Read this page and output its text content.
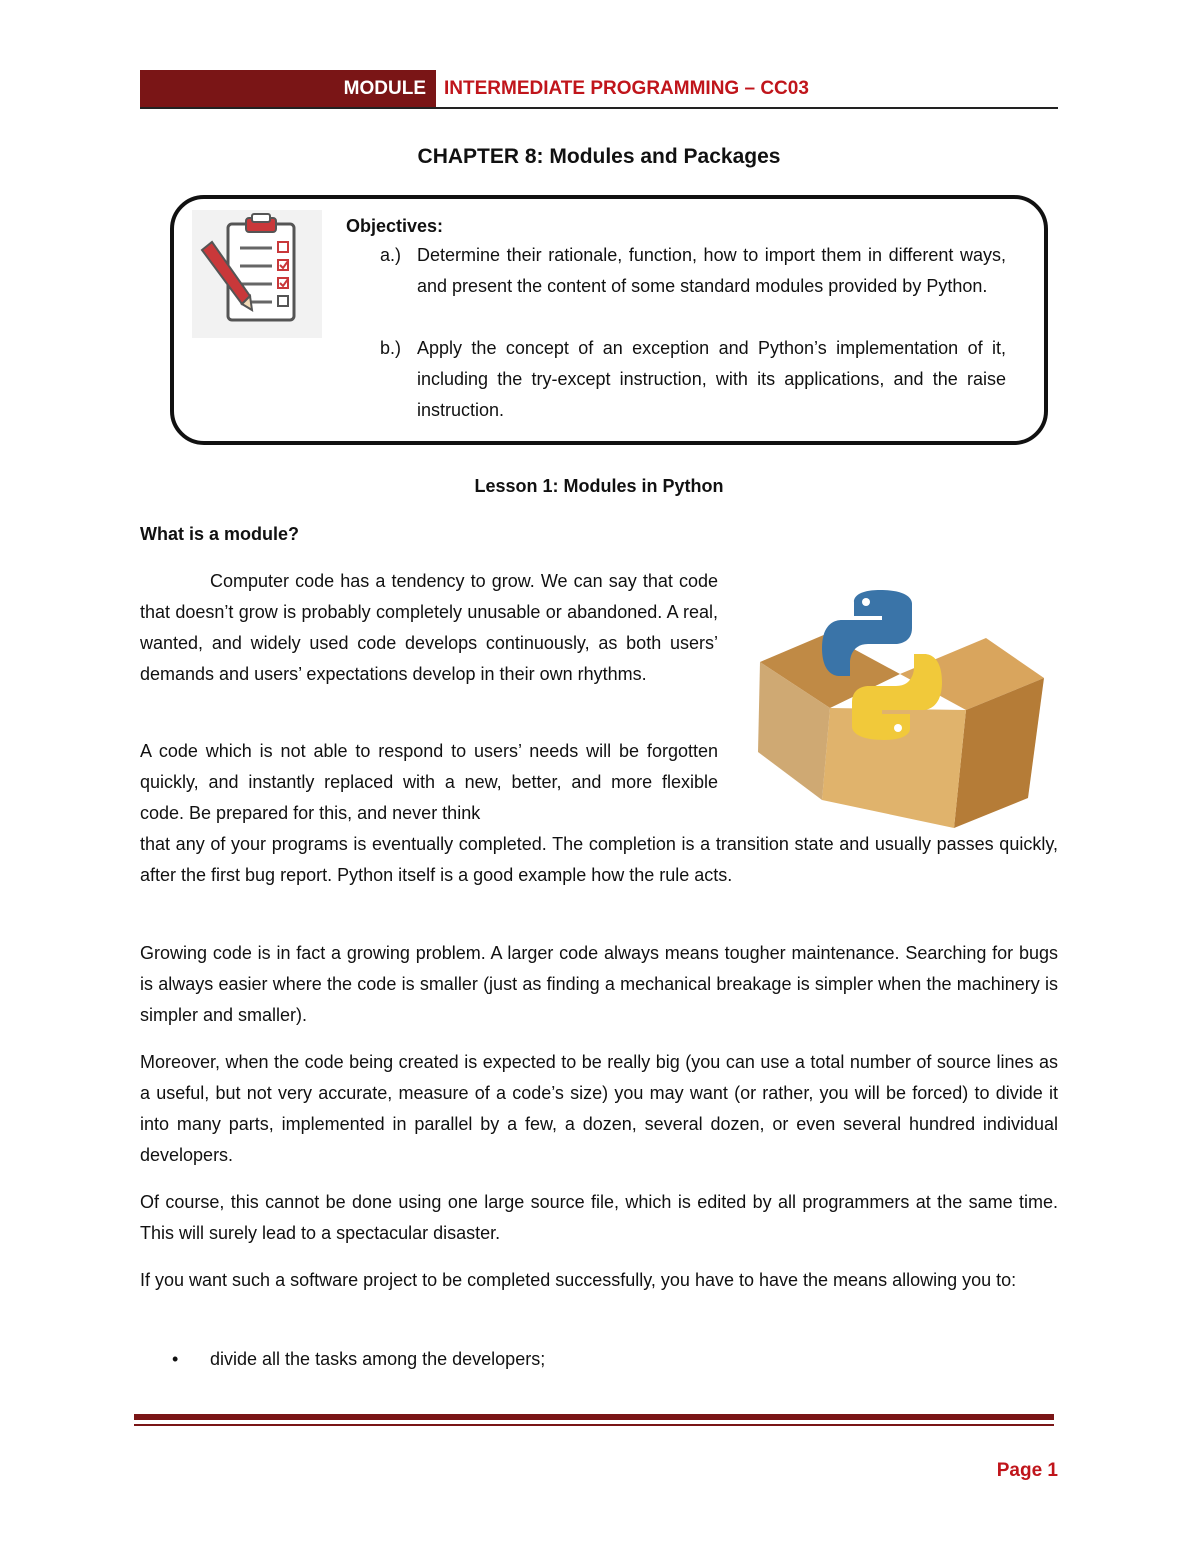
MODULE INTERMEDIATE PROGRAMMING – CC03
CHAPTER 8: Modules and Packages
Objectives:
a.) Determine their rationale, function, how to import them in different ways, and present the content of some standard modules provided by Python.
b.) Apply the concept of an exception and Python’s implementation of it, including the try-except instruction, with its applications, and the raise instruction.
Lesson 1: Modules in Python
What is a module?
Computer code has a tendency to grow. We can say that code that doesn’t grow is probably completely unusable or abandoned. A real, wanted, and widely used code develops continuously, as both users’ demands and users’ expectations develop in their own rhythms.
A code which is not able to respond to users’ needs will be forgotten quickly, and instantly replaced with a new, better, and more flexible code. Be prepared for this, and never think
that any of your programs is eventually completed. The completion is a transition state and usually passes quickly, after the first bug report. Python itself is a good example how the rule acts.
Growing code is in fact a growing problem. A larger code always means tougher maintenance. Searching for bugs is always easier where the code is smaller (just as finding a mechanical breakage is simpler when the machinery is simpler and smaller).
Moreover, when the code being created is expected to be really big (you can use a total number of source lines as a useful, but not very accurate, measure of a code’s size) you may want (or rather, you will be forced) to divide it into many parts, implemented in parallel by a few, a dozen, several dozen, or even several hundred individual developers.
Of course, this cannot be done using one large source file, which is edited by all programmers at the same time. This will surely lead to a spectacular disaster.
If you want such a software project to be completed successfully, you have to have the means allowing you to:
• divide all the tasks among the developers;
Page 1
